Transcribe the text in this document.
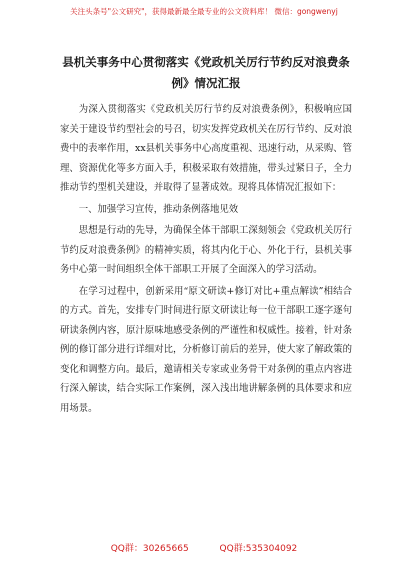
关注头条号"公文研究"，获得最新最全最专业的公文资料库！ 微信：gongwenyj
县机关事务中心贯彻落实《党政机关厉行节约反对浪费条
例》情况汇报

为深入贯彻落实《党政机关厉行节约反对浪费条例》，积极响应国家关于建设节约型社会的号召，切实发挥党政机关在厉行节约、反对浪费中的表率作用，xx县机关事务中心高度重视、迅速行动，从采购、管理、资源优化等多方面入手，积极采取有效措施，带头过紧日子，全力推动节约型机关建设，并取得了显著成效。现将具体情况汇报如下：

一、加强学习宣传，推动条例落地见效

思想是行动的先导，为确保全体干部职工深刻领会《党政机关厉行节约反对浪费条例》的精神实质，将其内化于心、外化于行，县机关事务中心第一时间组织全体干部职工开展了全面深入的学习活动。

在学习过程中，创新采用“原文研读+修订对比+重点解读”相结合的方式。首先，安排专门时间进行原文研读让每一位干部职工逐字逐句研读条例内容，原汁原味地感受条例的严谨性和权威性。接着，针对条例的修订部分进行详细对比，分析修订前后的差异，使大家了解政策的变化和调整方向。最后，邀请相关专家或业务骨干对条例的重点内容进行深入解读，结合实际工作案例，深入浅出地讲解条例的具体要求和应用场景。

QQ群：30265665	QQ群:535304092
